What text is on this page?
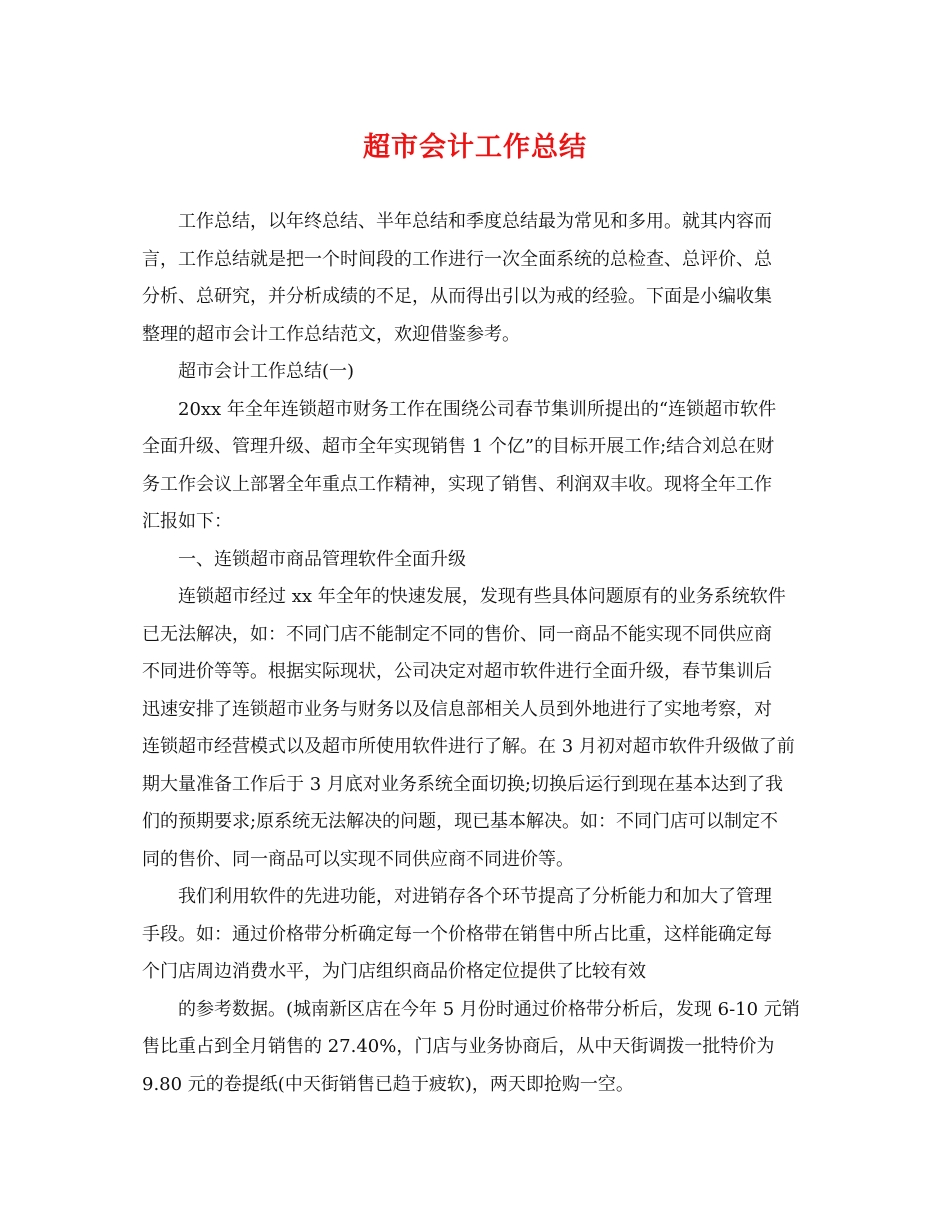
超市会计工作总结
工作总结，以年终总结、半年总结和季度总结最为常见和多用。就其内容而
言，工作总结就是把一个时间段的工作进行一次全面系统的总检查、总评价、总
分析、总研究，并分析成绩的不足，从而得出引以为戒的经验。下面是小编收集
整理的超市会计工作总结范文，欢迎借鉴参考。
超市会计工作总结(一)
20xx 年全年连锁超市财务工作在围绕公司春节集训所提出的“连锁超市软件
全面升级、管理升级、超市全年实现销售 1 个亿”的目标开展工作;结合刘总在财
务工作会议上部署全年重点工作精神，实现了销售、利润双丰收。现将全年工作
汇报如下：
一、连锁超市商品管理软件全面升级
连锁超市经过 xx 年全年的快速发展，发现有些具体问题原有的业务系统软件
已无法解决，如：不同门店不能制定不同的售价、同一商品不能实现不同供应商
不同进价等等。根据实际现状，公司决定对超市软件进行全面升级，春节集训后
迅速安排了连锁超市业务与财务以及信息部相关人员到外地进行了实地考察，对
连锁超市经营模式以及超市所使用软件进行了解。在 3 月初对超市软件升级做了前
期大量准备工作后于 3 月底对业务系统全面切换;切换后运行到现在基本达到了我
们的预期要求;原系统无法解决的问题，现已基本解决。如：不同门店可以制定不
同的售价、同一商品可以实现不同供应商不同进价等。
我们利用软件的先进功能，对进销存各个环节提高了分析能力和加大了管理
手段。如：通过价格带分析确定每一个价格带在销售中所占比重，这样能确定每
个门店周边消费水平，为门店组织商品价格定位提供了比较有效
的参考数据。(城南新区店在今年 5 月份时通过价格带分析后，发现 6-10 元销
售比重占到全月销售的 27.40%，门店与业务协商后，从中天街调拨一批特价为
9.80 元的卷提纸(中天街销售已趋于疲软)，两天即抢购一空。
